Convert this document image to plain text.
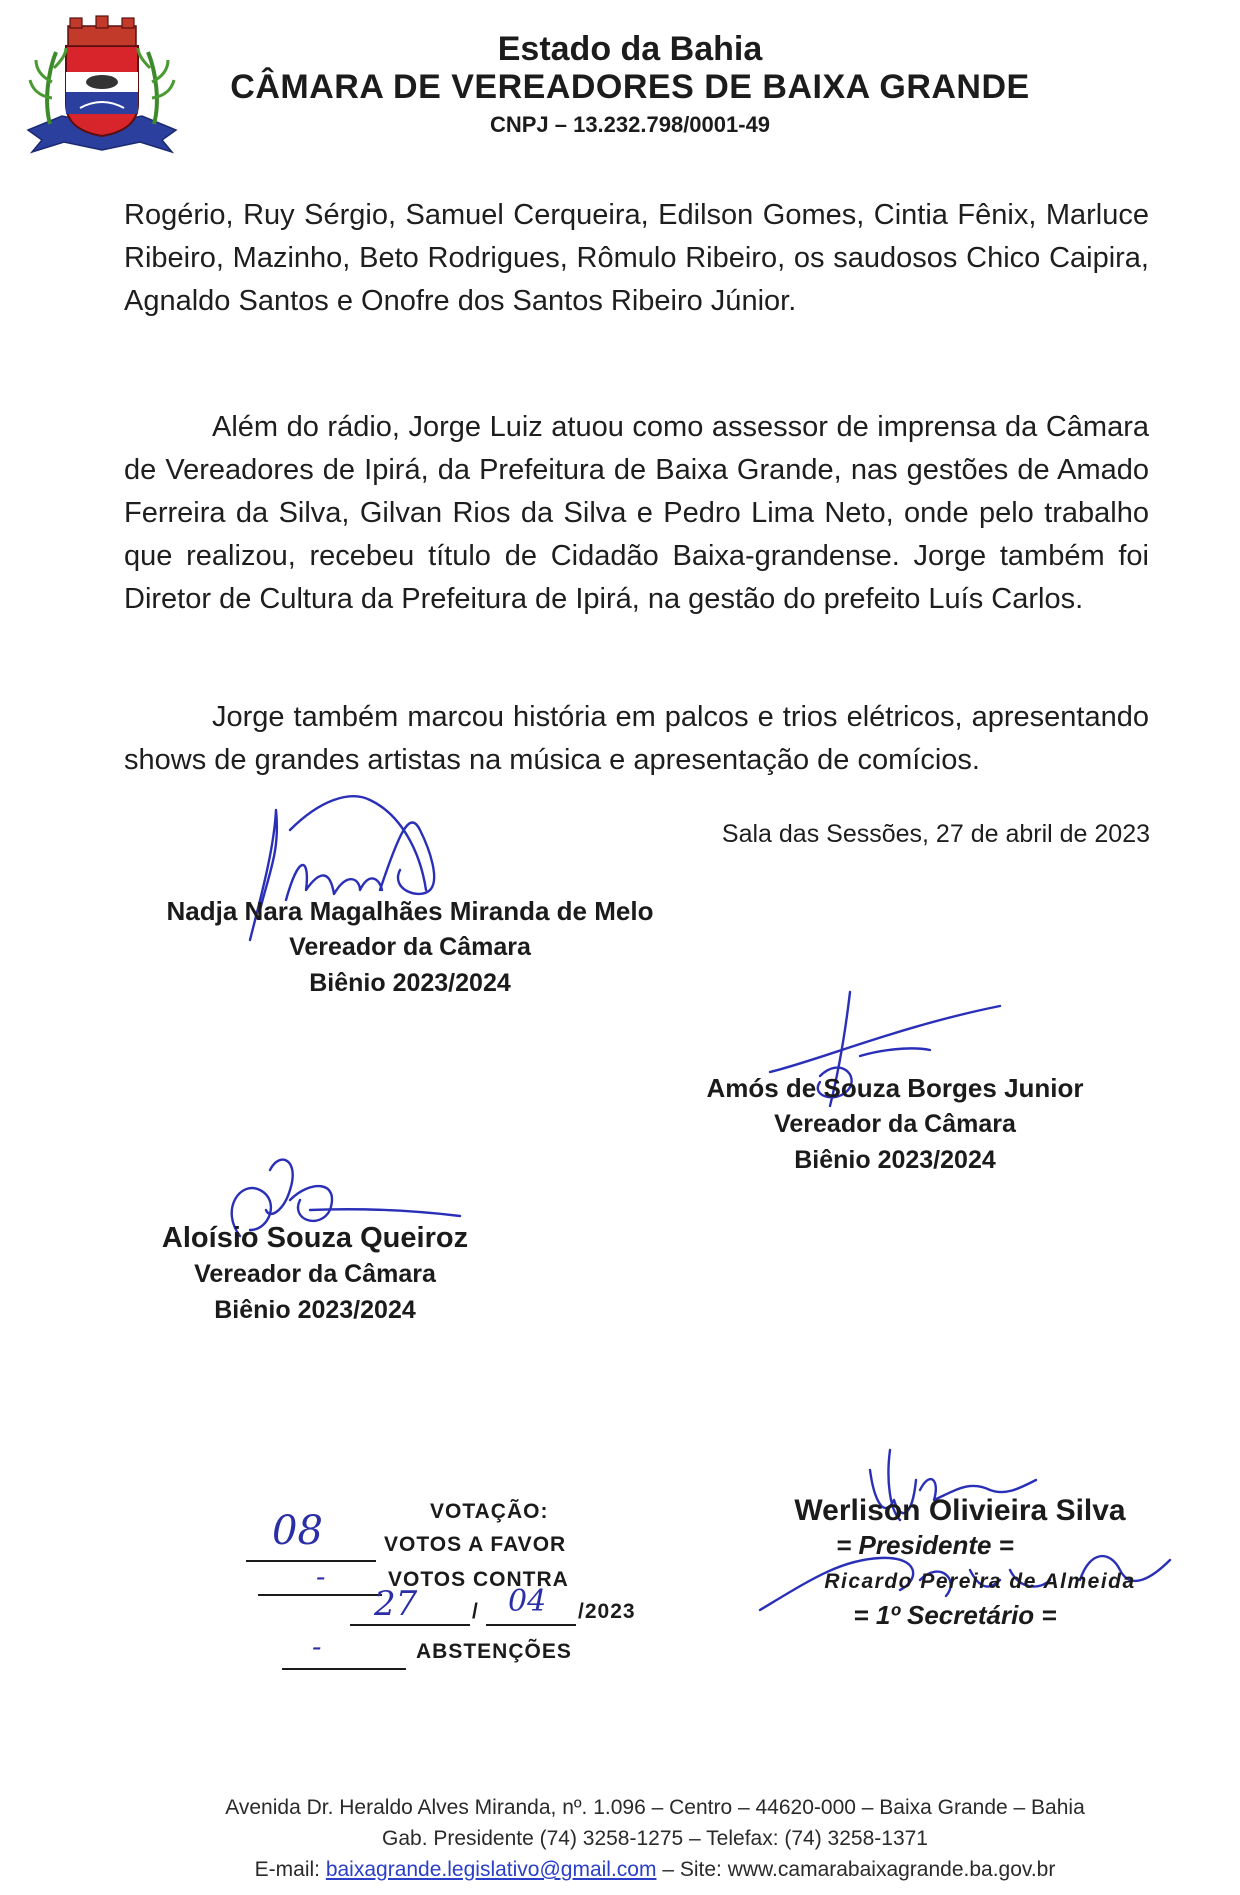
Estado da Bahia
CÂMARA DE VEREADORES DE BAIXA GRANDE
CNPJ – 13.232.798/0001-49
Rogério, Ruy Sérgio, Samuel Cerqueira, Edilson Gomes, Cintia Fênix, Marluce Ribeiro, Mazinho, Beto Rodrigues, Rômulo Ribeiro, os saudosos Chico Caipira, Agnaldo Santos e Onofre dos Santos Ribeiro Júnior.
Além do rádio, Jorge Luiz atuou como assessor de imprensa da Câmara de Vereadores de Ipirá, da Prefeitura de Baixa Grande, nas gestões de Amado Ferreira da Silva, Gilvan Rios da Silva e Pedro Lima Neto, onde pelo trabalho que realizou, recebeu título de Cidadão Baixa-grandense. Jorge também foi Diretor de Cultura da Prefeitura de Ipirá, na gestão do prefeito Luís Carlos.
Jorge também marcou história em palcos e trios elétricos, apresentando shows de grandes artistas na música e apresentação de comícios.
Sala das Sessões, 27 de abril de 2023
Nadja Nara Magalhães Miranda de Melo
Vereador da Câmara
Biênio 2023/2024
Amós de Souza Borges Junior
Vereador da Câmara
Biênio 2023/2024
Aloísio Souza Queiroz
Vereador da Câmara
Biênio 2023/2024
VOTAÇÃO:
08	VOTOS A FAVOR
-	VOTOS CONTRA
27	/ 04 /2023
-	ABSTENÇÕES
Werlison Olivieira Silva
= Presidente =
Ricardo Pereira de Almeida
= 1º Secretário =
Avenida Dr. Heraldo Alves Miranda, nº. 1.096 – Centro – 44620-000 – Baixa Grande – Bahia
Gab. Presidente (74) 3258-1275 – Telefax: (74) 3258-1371
E-mail: baixagrande.legislativo@gmail.com – Site: www.camarabaixagrande.ba.gov.br
